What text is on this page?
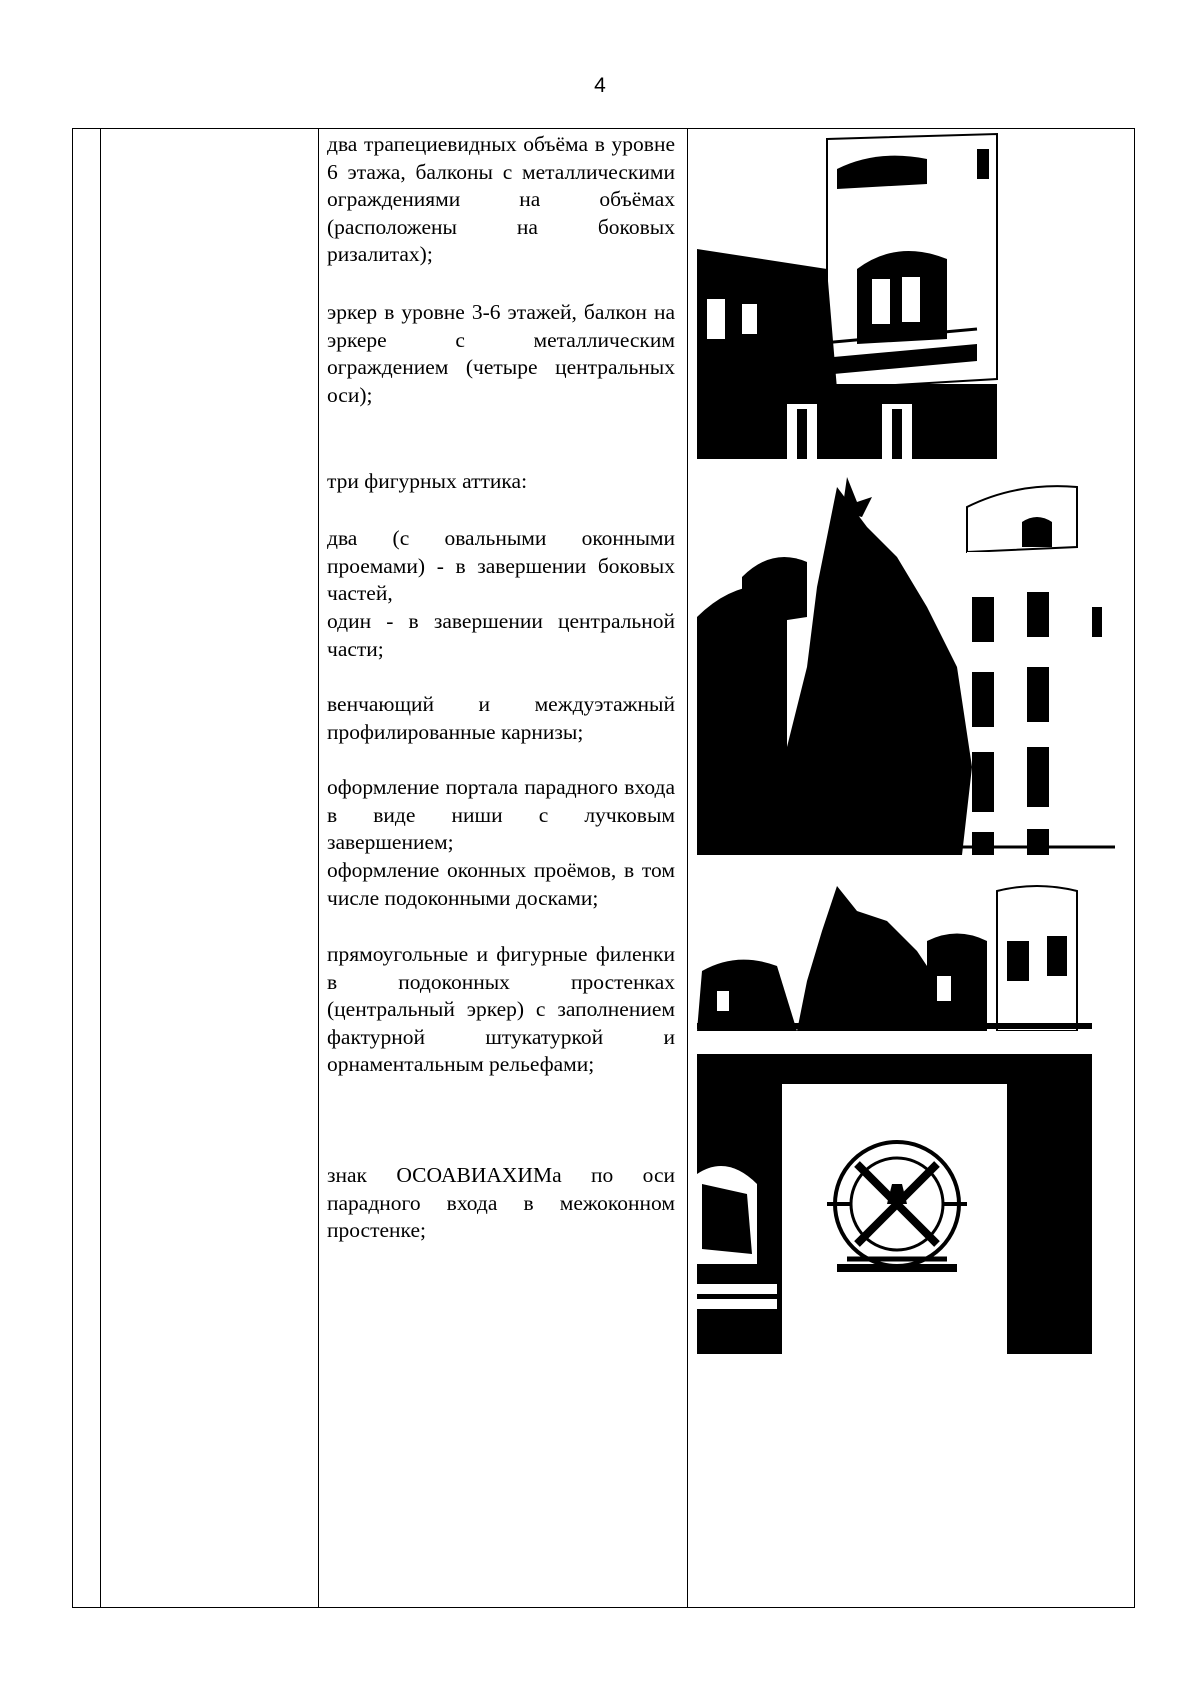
4

два трапециевидных объёма в уровне 6 этажа, балконы с металлическими ограждениями на объёмах (расположены на боковых ризалитах);

эркер в уровне 3-6 этажей, балкон на эркере с металлическим ограждением (четыре центральных оси);

три фигурных аттика:

два (с овальными оконными проемами) - в завершении боковых частей,

один - в завершении центральной части;

венчающий и междуэтажный профилированные карнизы;

оформление портала парадного входа в виде ниши с лучковым завершением;

оформление оконных проёмов, в том числе подоконными досками;

прямоугольные и фигурные филенки в подоконных простенках (центральный эркер) с заполнением фактурной штукатуркой и орнаментальным рельефами;

знак ОСОАВИАХИМа по оси парадного входа в межоконном простенке;
